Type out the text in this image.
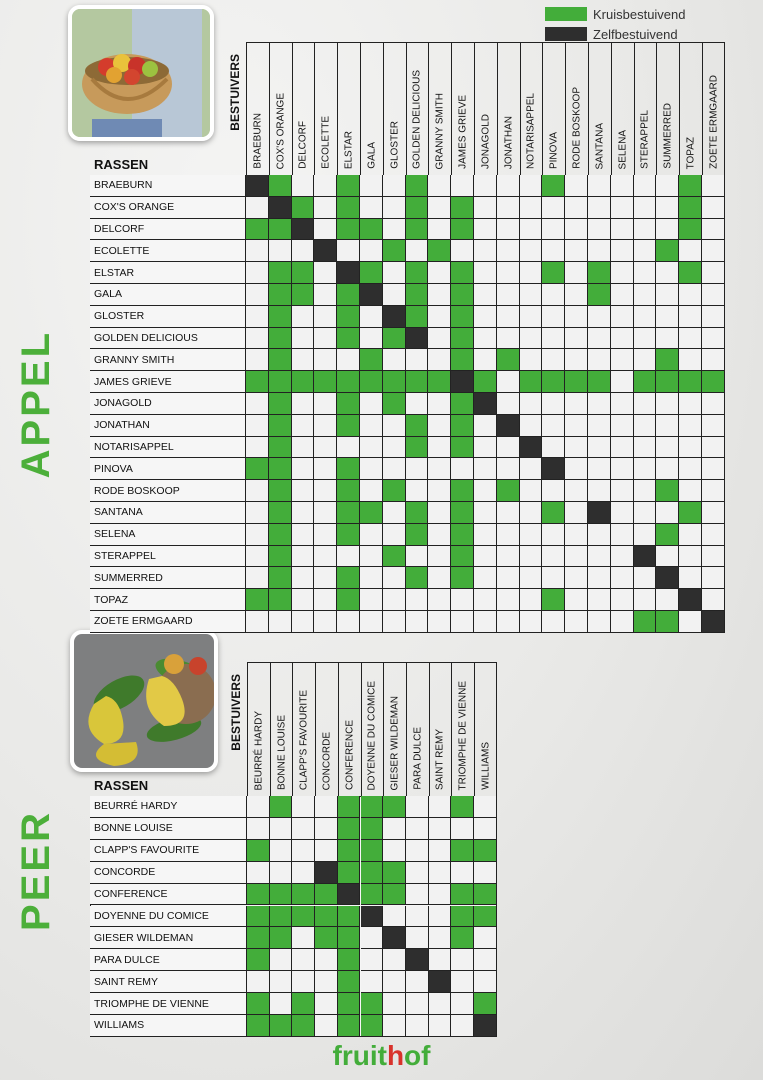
Kruisbestuivend
Zelfbestuivend
APPEL
PEER
BESTUIVERS
RASSEN	BRAEBURN COX'S ORANGE DELCORF ECOLETTE ELSTAR GALA GLOSTER GOLDEN DELICIOUS GRANNY SMITH JAMES GRIEVE JONAGOLD JONATHAN NOTARISAPPEL PINOVA RODE BOSKOOP SANTANA SELENA STERAPPEL SUMMERRED TOPAZ ZOETE ERMGAARD
BRAEBURN
COX'S ORANGE
DELCORF
ECOLETTE
ELSTAR
GALA
GLOSTER
GOLDEN DELICIOUS
GRANNY SMITH
JAMES GRIEVE
JONAGOLD
JONATHAN
NOTARISAPPEL
PINOVA
RODE BOSKOOP
SANTANA
SELENA
STERAPPEL
SUMMERRED
TOPAZ
ZOETE ERMGAARD
BESTUIVERS
RASSEN	BEURRÉ HARDY BONNE LOUISE CLAPP'S FAVOURITE CONCORDE CONFERENCE DOYENNE DU COMICE GIESER WILDEMAN PARA DULCE SAINT REMY TRIOMPHE DE VIENNE WILLIAMS
BEURRÉ HARDY
BONNE LOUISE
CLAPP'S FAVOURITE
CONCORDE
CONFERENCE
DOYENNE DU COMICE
GIESER WILDEMAN
PARA DULCE
SAINT REMY
TRIOMPHE DE VIENNE
WILLIAMS
fruithof
